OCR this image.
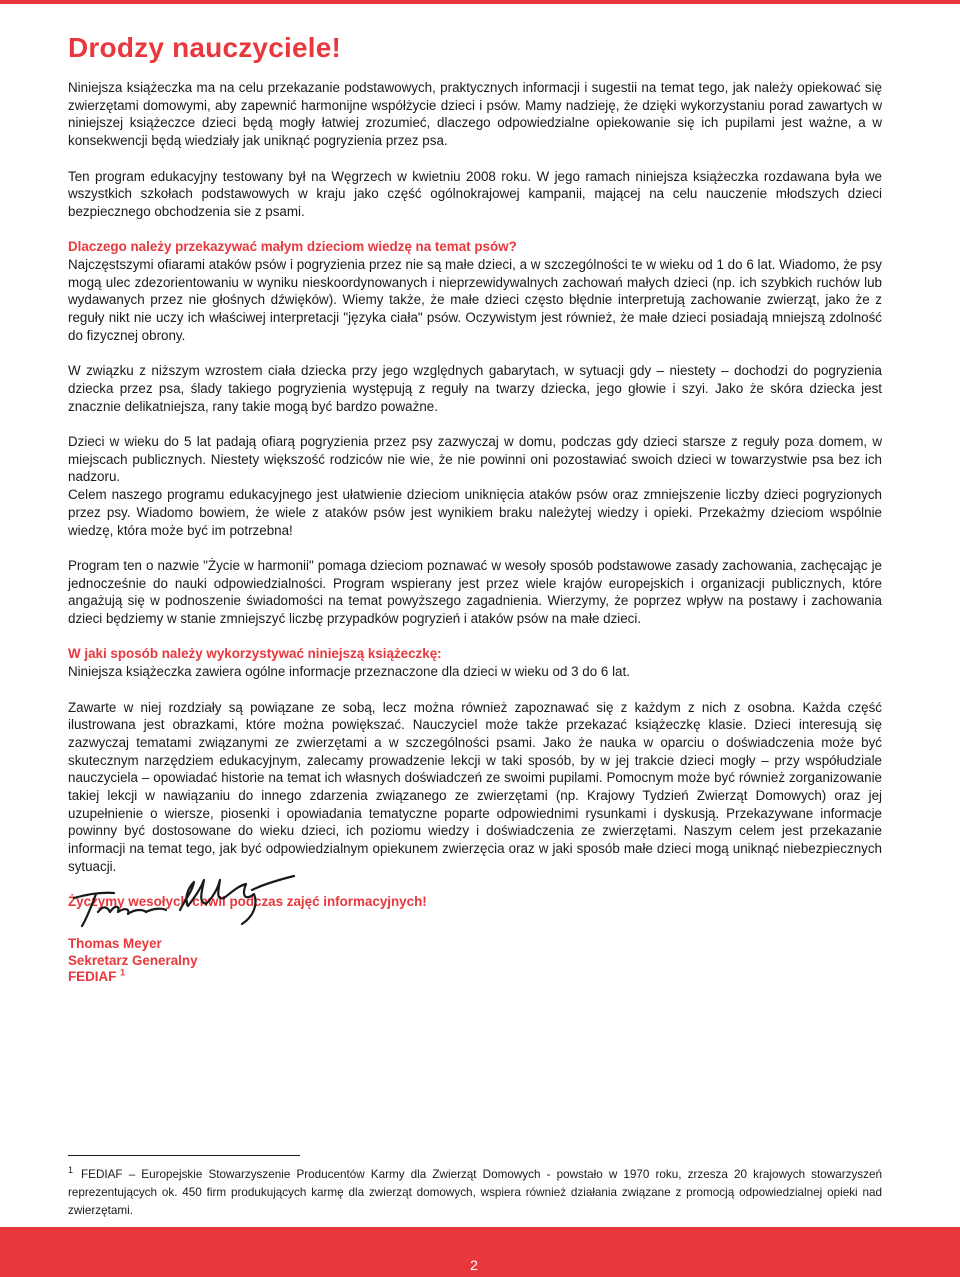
Drodzy nauczyciele!

Niniejsza książeczka ma na celu przekazanie podstawowych, praktycznych informacji i sugestii na temat tego, jak należy opiekować się zwierzętami domowymi, aby zapewnić harmonijne współżycie dzieci i psów. Mamy nadzieję, że dzięki wykorzystaniu porad zawartych w niniejszej książeczce dzieci będą mogły łatwiej zrozumieć, dlaczego odpowiedzialne opiekowanie się ich pupilami jest ważne, a w konsekwencji będą wiedziały jak uniknąć pogryzienia przez psa.

Ten program edukacyjny testowany był na Węgrzech w kwietniu 2008 roku. W jego ramach niniejsza książeczka rozdawana była we wszystkich szkołach podstawowych w kraju jako część ogólnokrajowej kampanii, mającej na celu nauczenie młodszych dzieci bezpiecznego obchodzenia sie z psami.

Dlaczego należy przekazywać małym dzieciom wiedzę na temat psów?

Najczęstszymi ofiarami ataków psów i pogryzienia przez nie są małe dzieci, a w szczególności te w wieku od 1 do 6 lat. Wiadomo, że psy mogą ulec zdezorientowaniu w wyniku nieskoordynowanych i nieprzewidywalnych zachowań małych dzieci (np. ich szybkich ruchów lub wydawanych przez nie głośnych dźwięków). Wiemy także, że małe dzieci często błędnie interpretują zachowanie zwierząt, jako że z reguły nikt nie uczy ich właściwej interpretacji "języka ciała" psów. Oczywistym jest również, że małe dzieci posiadają mniejszą zdolność do fizycznej obrony.

W związku z niższym wzrostem ciała dziecka przy jego względnych gabarytach, w sytuacji gdy – niestety – dochodzi do pogryzienia dziecka przez psa, ślady takiego pogryzienia występują z reguły na twarzy dziecka, jego głowie i szyi. Jako że skóra dziecka jest znacznie delikatniejsza, rany takie mogą być bardzo poważne.

Dzieci w wieku do 5 lat padają ofiarą pogryzienia przez psy zazwyczaj w domu, podczas gdy dzieci starsze z reguły poza domem, w miejscach publicznych. Niestety większość rodziców nie wie, że nie powinni oni pozostawiać swoich dzieci w towarzystwie psa bez ich nadzoru.

Celem naszego programu edukacyjnego jest ułatwienie dzieciom uniknięcia ataków psów oraz zmniejszenie liczby dzieci pogryzionych przez psy. Wiadomo bowiem, że wiele z ataków psów jest wynikiem braku należytej wiedzy i opieki. Przekażmy dzieciom wspólnie wiedzę, która może być im potrzebna!

Program ten o nazwie "Życie w harmonii" pomaga dzieciom poznawać w wesoły sposób podstawowe zasady zachowania, zachęcając je jednocześnie do nauki odpowiedzialności. Program wspierany jest przez wiele krajów europejskich i organizacji publicznych, które angażują się w podnoszenie świadomości na temat powyższego zagadnienia. Wierzymy, że poprzez wpływ na postawy i zachowania dzieci będziemy w stanie zmniejszyć liczbę przypadków pogryzień i ataków psów na małe dzieci.

W jaki sposób należy wykorzystywać niniejszą książeczkę:

Niniejsza książeczka zawiera ogólne informacje przeznaczone dla dzieci w wieku od 3 do 6 lat.

Zawarte w niej rozdziały są powiązane ze sobą, lecz można również zapoznawać się z każdym z nich z osobna. Każda część ilustrowana jest obrazkami, które można powiększać. Nauczyciel może także przekazać książeczkę klasie. Dzieci interesują się zazwyczaj tematami związanymi ze zwierzętami a w szczególności psami. Jako że nauka w oparciu o doświadczenia może być skutecznym narzędziem edukacyjnym, zalecamy prowadzenie lekcji w taki sposób, by w jej trakcie dzieci mogły – przy współudziale nauczyciela – opowiadać historie na temat ich własnych doświadczeń ze swoimi pupilami. Pomocnym może być również zorganizowanie takiej lekcji w nawiązaniu do innego zdarzenia związanego ze zwierzętami (np. Krajowy Tydzień Zwierząt Domowych) oraz jej uzupełnienie o wiersze, piosenki i opowiadania tematyczne poparte odpowiednimi rysunkami i dyskusją. Przekazywane informacje powinny być dostosowane do wieku dzieci, ich poziomu wiedzy i doświadczenia ze zwierzętami. Naszym celem jest przekazanie informacji na temat tego, jak być odpowiedzialnym opiekunem zwierzęcia oraz w jaki sposób małe dzieci mogą uniknąć niebezpiecznych sytuacji.

Życzymy wesołych chwil podczas zajęć informacyjnych!

Thomas Meyer
Sekretarz Generalny
FEDIAF $^1$
$^1$ FEDIAF – Europejskie Stowarzyszenie Producentów Karmy dla Zwierząt Domowych - powstało w 1970 roku, zrzesza 20 krajowych stowarzyszeń reprezentujących ok. 450 firm produkujących karmę dla zwierząt domowych, wspiera również działania związane z promocją odpowiedzialnej opieki nad zwierzętami.
2
